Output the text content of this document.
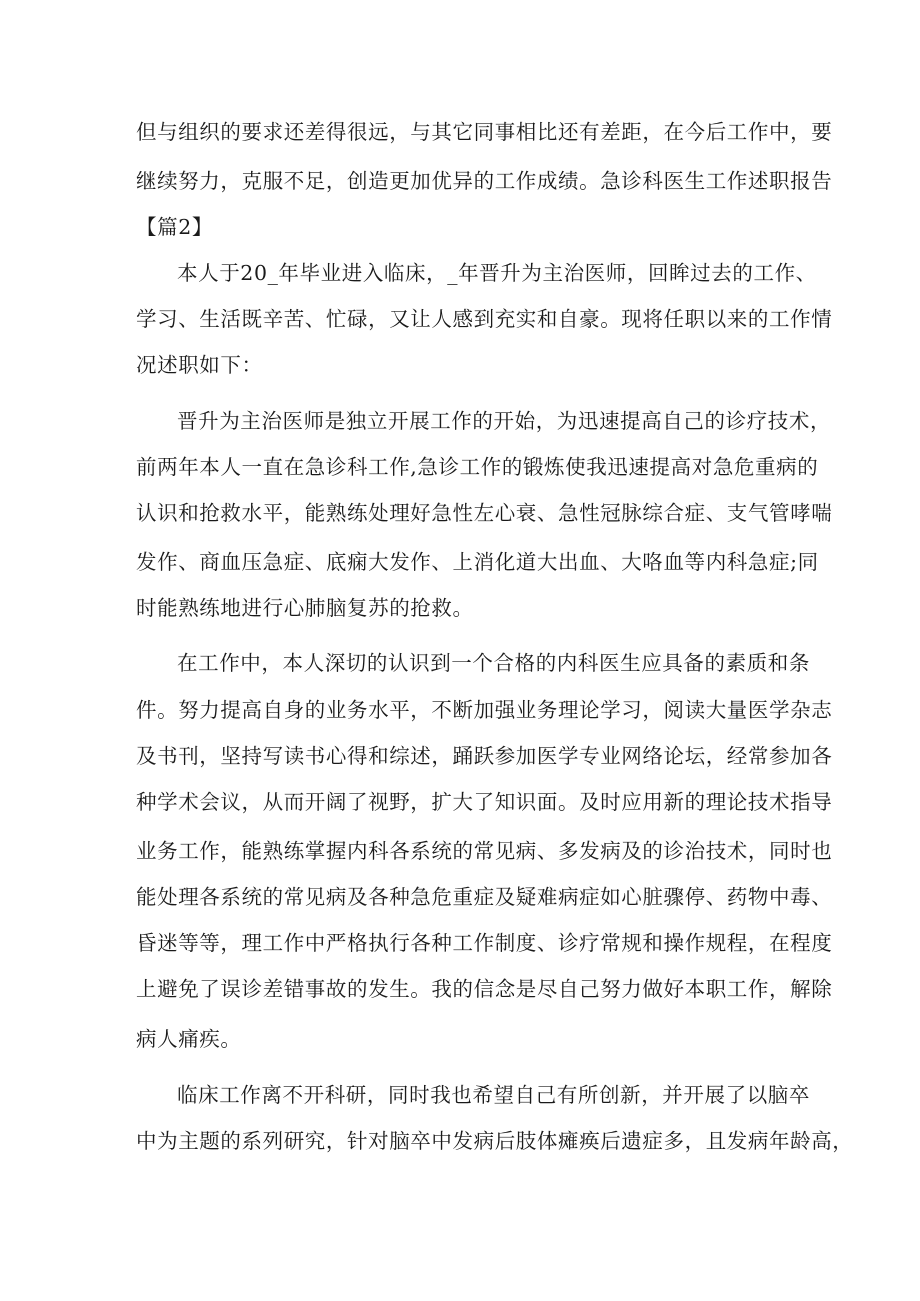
但与组织的要求还差得很远，与其它同事相比还有差距，在今后工作中，要
继续努力，克服不足，创造更加优异的工作成绩。急诊科医生工作述职报告
【篇2】
本人于20_年毕业进入临床，_年晋升为主治医师，回眸过去的工作、
学习、生活既辛苦、忙碌，又让人感到充实和自豪。现将任职以来的工作情
况述职如下：
晋升为主治医师是独立开展工作的开始，为迅速提高自己的诊疗技术，
前两年本人一直在急诊科工作,急诊工作的锻炼使我迅速提高对急危重病的
认识和抢救水平，能熟练处理好急性左心衰、急性冠脉综合症、支气管哮喘
发作、商血压急症、底痫大发作、上消化道大出血、大咯血等内科急症;同
时能熟练地进行心肺脑复苏的抢救。
在工作中，本人深切的认识到一个合格的内科医生应具备的素质和条
件。努力提高自身的业务水平，不断加强业务理论学习，阅读大量医学杂志
及书刊，坚持写读书心得和综述，踊跃参加医学专业网络论坛，经常参加各
种学术会议，从而开阔了视野，扩大了知识面。及时应用新的理论技术指导
业务工作，能熟练掌握内科各系统的常见病、多发病及的诊治技术，同时也
能处理各系统的常见病及各种急危重症及疑难病症如心脏骤停、药物中毒、
昏迷等等，理工作中严格执行各种工作制度、诊疗常规和操作规程，在程度
上避免了误诊差错事故的发生。我的信念是尽自己努力做好本职工作，解除
病人痛疾。
临床工作离不开科研，同时我也希望自己有所创新，并开展了以脑卒
中为主题的系列研究，针对脑卒中发病后肢体瘫痪后遗症多，且发病年龄高，
